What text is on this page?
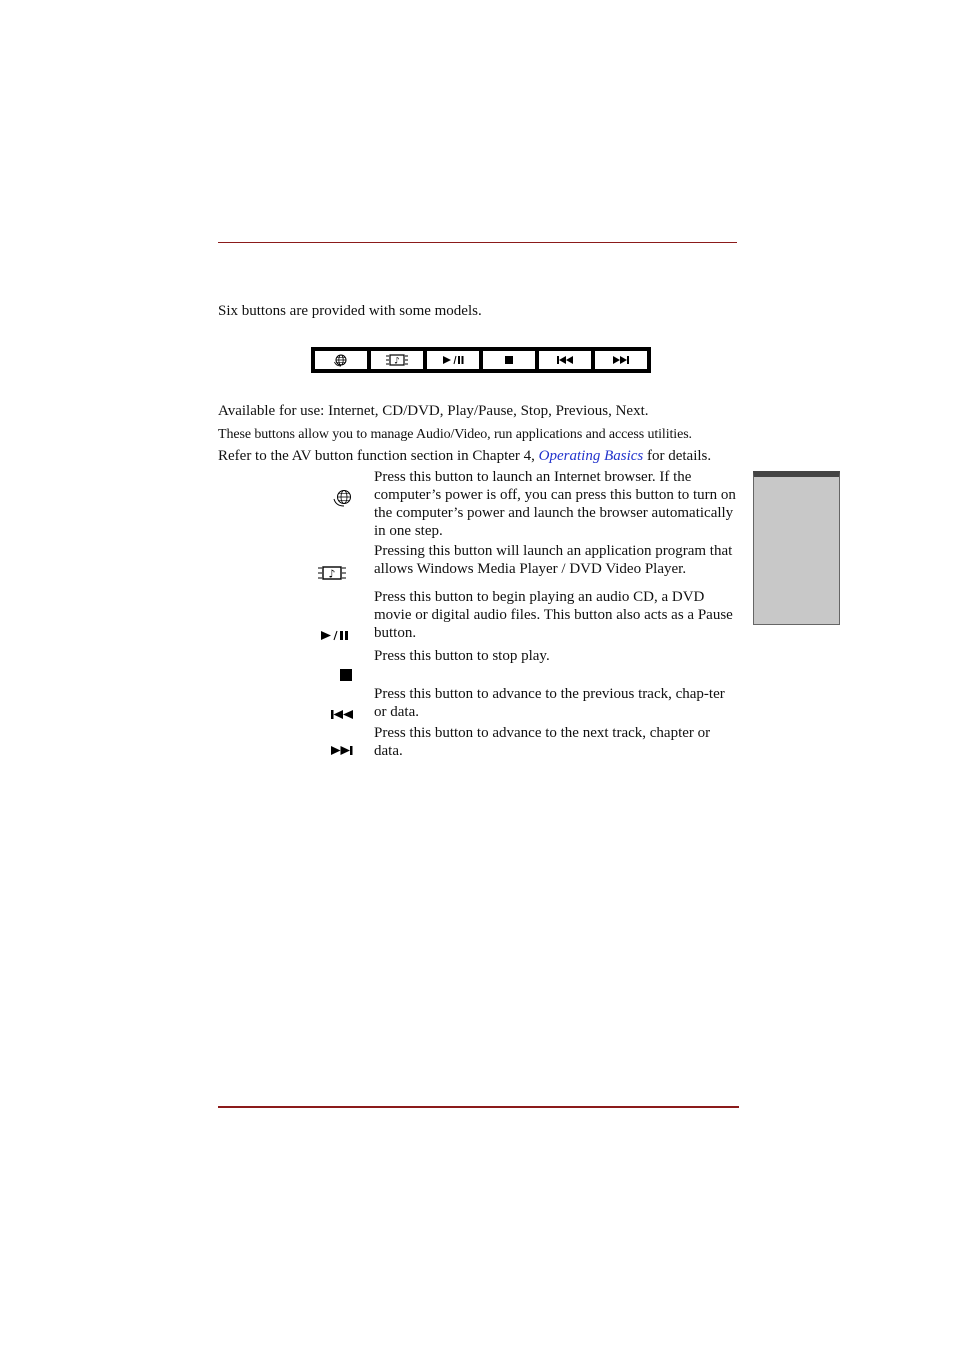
Six buttons are provided with some models.

♪

Available for use: Internet, CD/DVD, Play/Pause, Stop, Previous, Next.

These buttons allow you to manage Audio/Video, run applications and access utilities.

Refer to the AV button function section in Chapter 4, Operating Basics for details.

Press this button to launch an Internet browser. If the computer’s power is off, you can press this button to turn on the computer’s power and launch the browser automatically in one step.

♪

Pressing this button will launch an application program that allows Windows Media Player / DVD Video Player.

Press this button to begin playing an audio CD, a DVD movie or digital audio files. This button also acts as a Pause button.

Press this button to stop play.

Press this button to advance to the previous track, chap-ter or data.

Press this button to advance to the next track, chapter or data.
